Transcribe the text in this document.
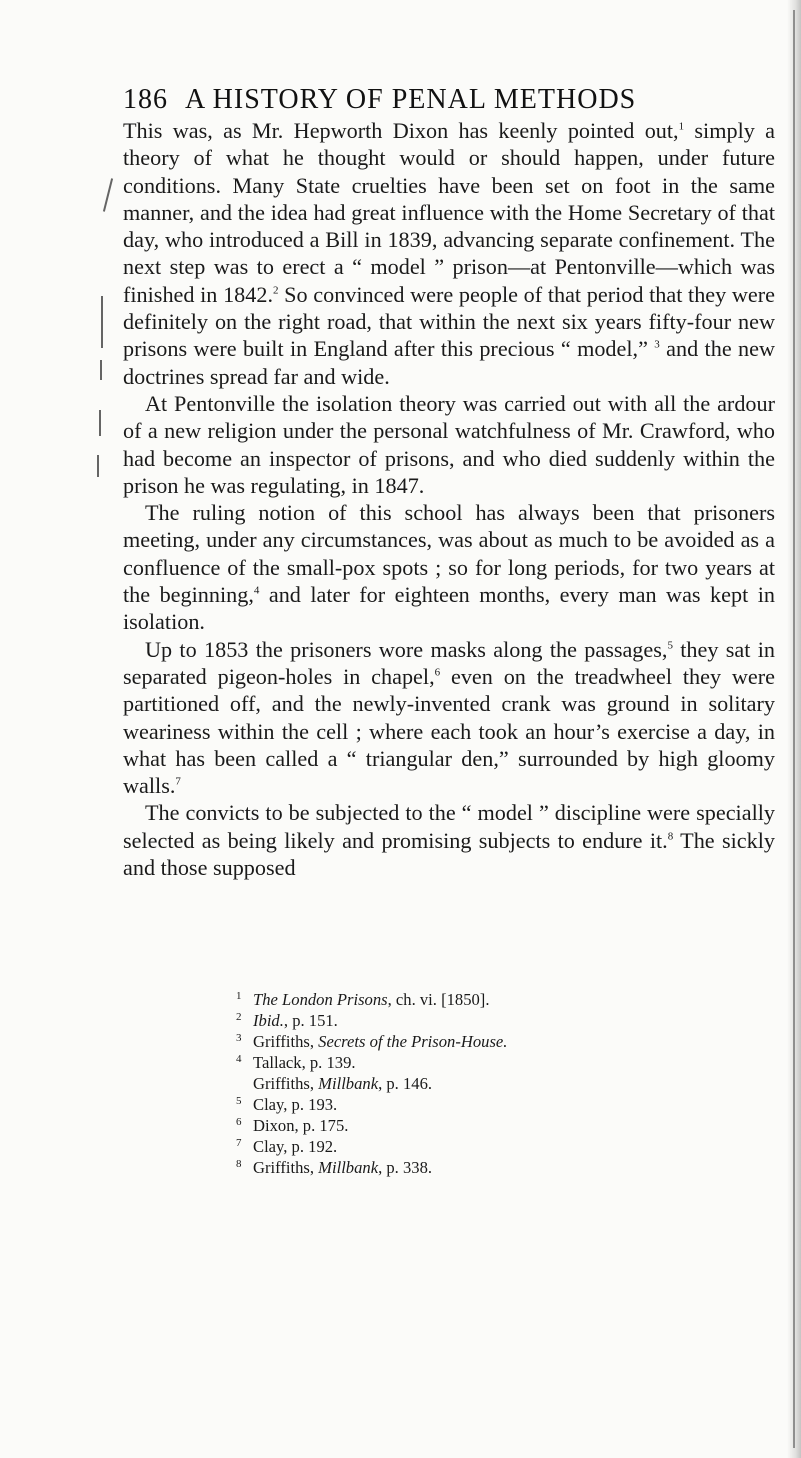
186 A HISTORY OF PENAL METHODS

This was, as Mr. Hepworth Dixon has keenly pointed out,$^1$ simply a theory of what he thought would or should happen, under future conditions. Many State cruelties have been set on foot in the same manner, and the idea had great influence with the Home Secretary of that day, who introduced a Bill in 1839, advancing separate confinement. The next step was to erect a “ model ” prison—at Pentonville—which was finished in 1842.$^2$ So convinced were people of that period that they were definitely on the right road, that within the next six years fifty-four new prisons were built in England after this precious “ model,” $^3$ and the new doctrines spread far and wide.

At Pentonville the isolation theory was carried out with all the ardour of a new religion under the personal watchfulness of Mr. Crawford, who had become an inspector of prisons, and who died suddenly within the prison he was regulating, in 1847.

The ruling notion of this school has always been that prisoners meeting, under any circumstances, was about as much to be avoided as a confluence of the small-pox spots ; so for long periods, for two years at the beginning,$^4$ and later for eighteen months, every man was kept in isolation.

Up to 1853 the prisoners wore masks along the passages,$^5$ they sat in separated pigeon-holes in chapel,$^6$ even on the treadwheel they were partitioned off, and the newly-invented crank was ground in solitary weariness within the cell ; where each took an hour’s exercise a day, in what has been called a “ triangular den,” surrounded by high gloomy walls.$^7$

The convicts to be subjected to the “ model ” discipline were specially selected as being likely and promising subjects to endure it.$^8$ The sickly and those supposed

1 The London Prisons, ch. vi. [1850].
2 Ibid., p. 151.
3 Griffiths, Secrets of the Prison-House.
4 Tallack, p. 139.
Griffiths, Millbank, p. 146.
5 Clay, p. 193.
6 Dixon, p. 175.
7 Clay, p. 192.
8 Griffiths, Millbank, p. 338.
